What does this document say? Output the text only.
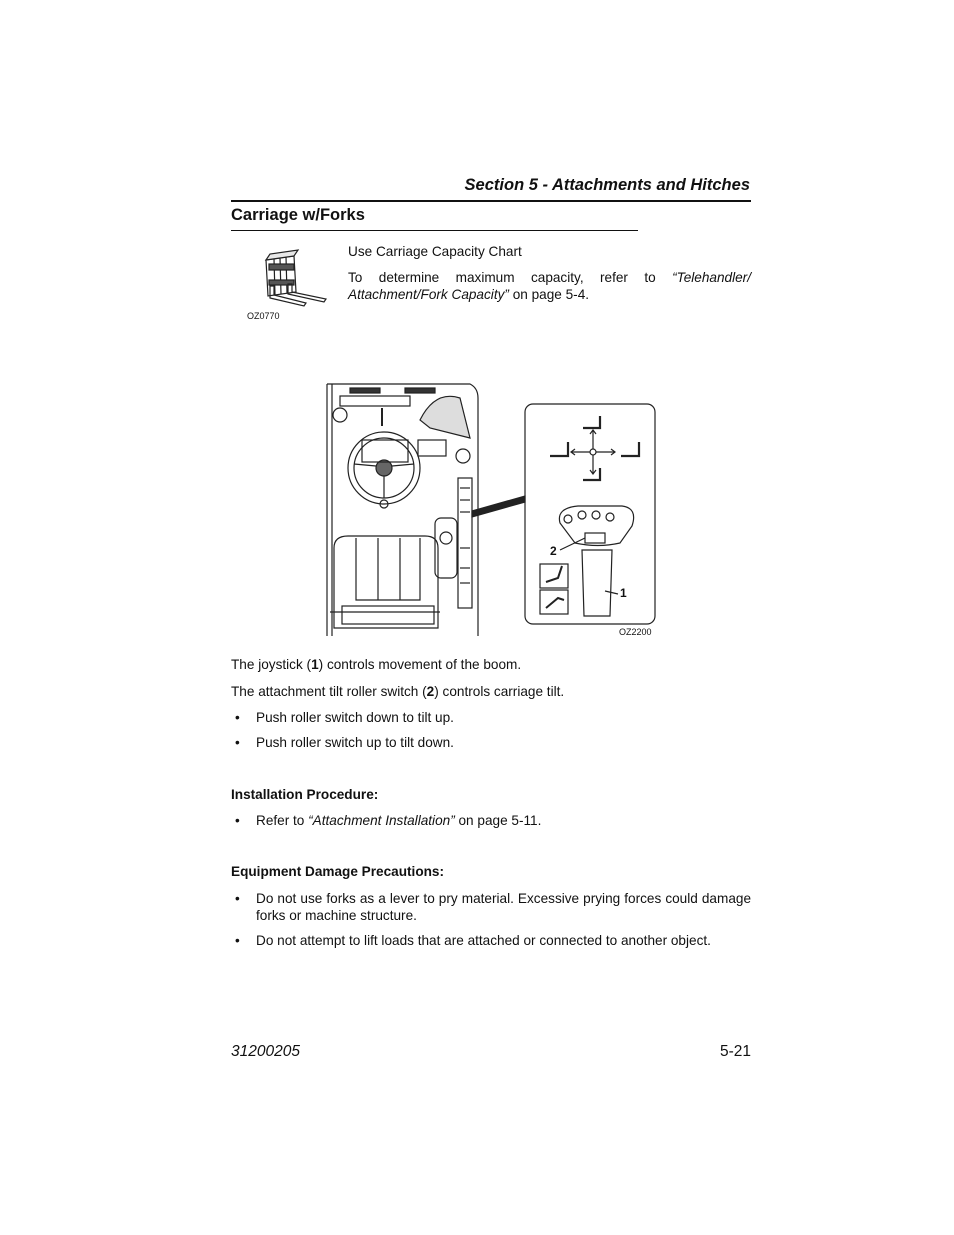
Section 5 - Attachments and Hitches
Carriage w/Forks
OZ0770
Use Carriage Capacity Chart
To determine maximum capacity, refer to “Telehandler/ Attachment/Fork Capacity” on page 5-4.
2
1
OZ2200
The joystick (1) controls movement of the boom.
The attachment tilt roller switch (2) controls carriage tilt.
• Push roller switch down to tilt up.
• Push roller switch up to tilt down.
Installation Procedure:
• Refer to “Attachment Installation” on page 5-11.
Equipment Damage Precautions:
• Do not use forks as a lever to pry material. Excessive prying forces could damage forks or machine structure.
• Do not attempt to lift loads that are attached or connected to another object.
31200205	5-21
